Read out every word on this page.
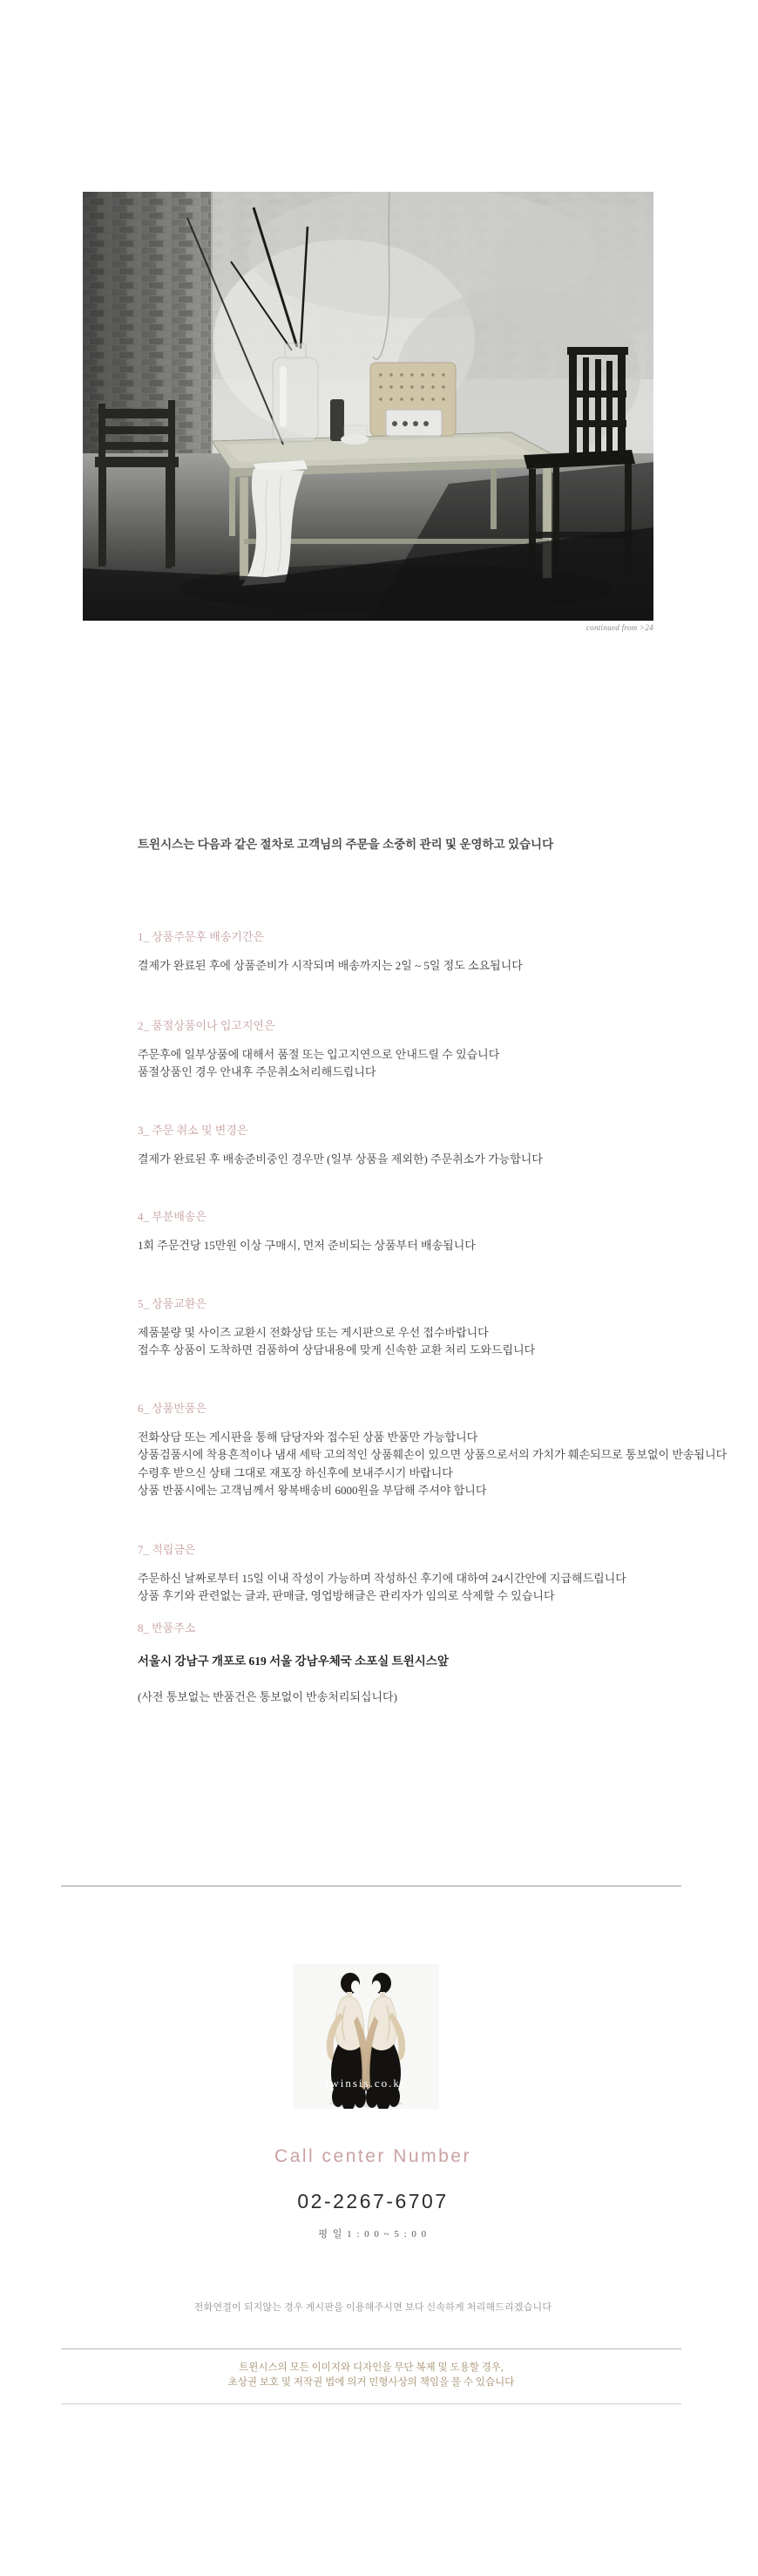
continued from >24

트윈시스는 다음과 같은 절차로 고객님의 주문을 소중히 관리 및 운영하고 있습니다

1_ 상품주문후 배송기간은
결제가 완료된 후에 상품준비가 시작되며 배송까지는 2일 ~ 5일 정도 소요됩니다
2_ 품절상품이나 입고지연은
주문후에 일부상품에 대해서 품절 또는 입고지연으로 안내드릴 수 있습니다
품절상품인 경우 안내후 주문취소처리해드립니다
3_ 주문 취소 및 변경은
결제가 완료된 후 배송준비중인 경우만 (일부 상품을 제외한) 주문취소가 가능합니다
4_ 부분배송은
1회 주문건당 15만원 이상 구매시, 먼저 준비되는 상품부터 배송됩니다
5_ 상품교환은
제품불량 및 사이즈 교환시 전화상담 또는 게시판으로 우선 접수바랍니다
접수후 상품이 도착하면 검품하여 상담내용에 맞게 신속한 교환 처리 도와드립니다
6_ 상품반품은
전화상담 또는 게시판을 통해 담당자와 접수된 상품 반품만 가능합니다
상품검품시에 착용흔적이나 냄새 세탁 고의적인 상품훼손이 있으면 상품으로서의 가치가 훼손되므로 통보없이 반송됩니다
수령후 받으신 상태 그대로 재포장 하신후에 보내주시기 바랍니다
상품 반품시에는 고객님께서 왕복배송비 6000원을 부담해 주셔야 합니다
7_ 적립금은
주문하신 날짜로부터 15일 이내 작성이 가능하며 작성하신 후기에 대하여 24시간안에 지급해드립니다
상품 후기와 관련없는 글과, 판매글, 영업방해글은 관리자가 임의로 삭제할 수 있습니다
8_ 반품주소
서울시 강남구 개포로 619 서울 강남우체국 소포실 트윈시스앞
(사전 통보없는 반품건은 통보없이 반송처리되십니다)
twinsis.co.kr
Call center Number
02-2267-6707
평 일 1 : 0 0 ~ 5 : 0 0
전화연결이 되지않는 경우 게시판을 이용해주시면 보다 신속하게 처리해드리겠습니다
트윈시스의 모든 이미지와 디자인을 무단 복제 및 도용할 경우,
초상권 보호 및 저작권 법에 의거 민형사상의 책임을 물 수 있습니다
